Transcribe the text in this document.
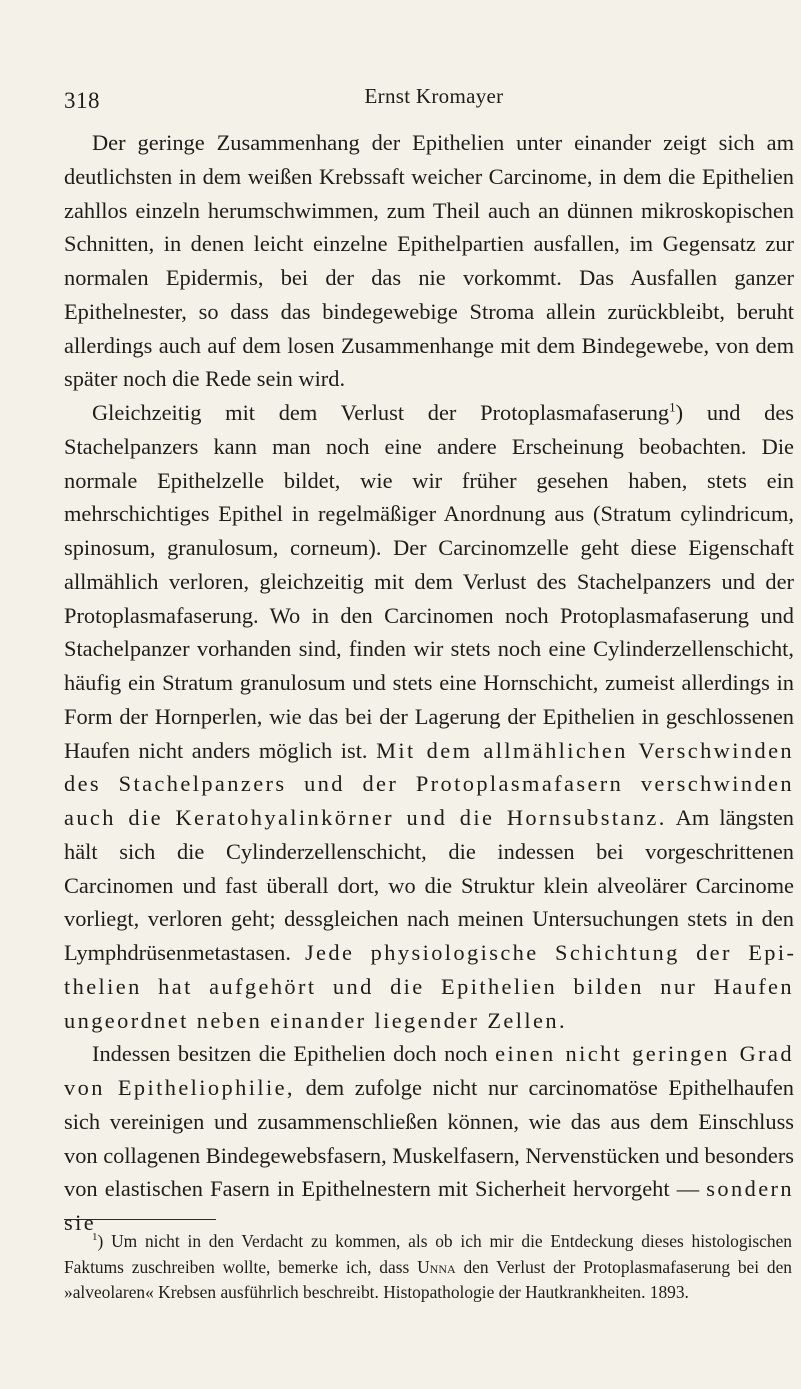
318	Ernst Kromayer

Der geringe Zusammenhang der Epithelien unter einander zeigt sich am deutlichsten in dem weißen Krebssaft weicher Carcinome, in dem die Epithelien zahllos einzeln herumschwimmen, zum Theil auch an dünnen mikroskopischen Schnitten, in denen leicht einzelne Epithelpartien ausfallen, im Gegensatz zur normalen Epidermis, bei der das nie vorkommt. Das Ausfallen ganzer Epithelnester, so dass das bindegewebige Stroma allein zurückbleibt, beruht allerdings auch auf dem losen Zusammenhange mit dem Bindegewebe, von dem später noch die Rede sein wird.

Gleichzeitig mit dem Verlust der Protoplasmafaserung$^1$) und des Stachelpanzers kann man noch eine andere Erscheinung beobachten. Die normale Epithelzelle bildet, wie wir früher gesehen haben, stets ein mehrschichtiges Epithel in regelmäßiger Anordnung aus (Stratum cylindricum, spinosum, granulosum, corneum). Der Carcinomzelle geht diese Eigenschaft allmählich verloren, gleichzeitig mit dem Verlust des Stachelpanzers und der Protoplasmafaserung. Wo in den Carcinomen noch Protoplasmafaserung und Stachelpanzer vorhanden sind, finden wir stets noch eine Cylinderzellenschicht, häufig ein Stratum granulosum und stets eine Hornschicht, zumeist allerdings in Form der Hornperlen, wie das bei der Lagerung der Epithelien in geschlossenen Haufen nicht anders möglich ist. Mit dem allmählichen Verschwinden des Stachelpanzers und der Protoplasmafasern verschwinden auch die Keratohyalinkörner und die Hornsubstanz. Am längsten hält sich die Cylinderzellenschicht, die indessen bei vorgeschrittenen Carcinomen und fast überall dort, wo die Struktur klein alveolärer Carcinome vorliegt, verloren geht; dessgleichen nach meinen Untersuchungen stets in den Lymphdrüsenmetastasen. Jede physiologische Schichtung der Epithelien hat aufgehört und die Epithelien bilden nur Haufen ungeordnet neben einander liegender Zellen.

Indessen besitzen die Epithelien doch noch einen nicht geringen Grad von Epitheliophilie, dem zufolge nicht nur carcinomatöse Epithelhaufen sich vereinigen und zusammenschließen können, wie das aus dem Einschluss von collagenen Bindegewebsfasern, Muskelfasern, Nervenstücken und besonders von elastischen Fasern in Epithelnestern mit Sicherheit hervorgeht — sondern sie

$^1$) Um nicht in den Verdacht zu kommen, als ob ich mir die Entdeckung dieses histologischen Faktums zuschreiben wollte, bemerke ich, dass Unna den Verlust der Protoplasmafaserung bei den »alveolaren« Krebsen ausführlich beschreibt. Histopathologie der Hautkrankheiten. 1893.
